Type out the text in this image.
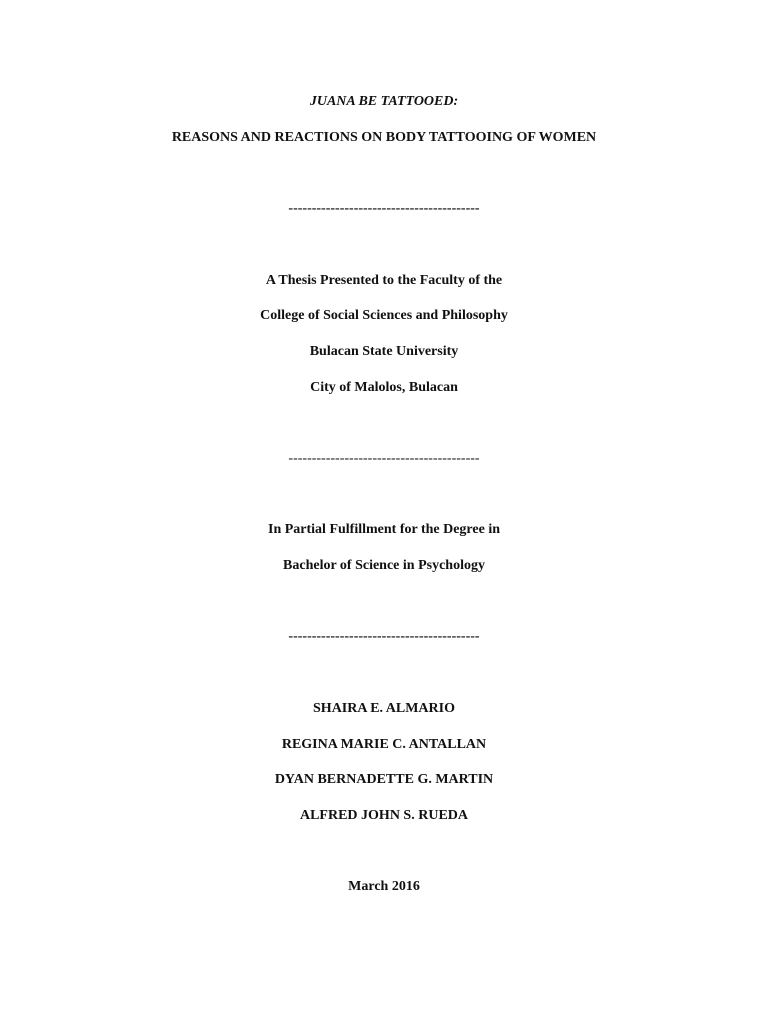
JUANA BE TATTOOED:
REASONS AND REACTIONS ON BODY TATTOOING OF WOMEN
-----------------------------------------
A Thesis Presented to the Faculty of the
College of Social Sciences and Philosophy
Bulacan State University
City of Malolos, Bulacan
-----------------------------------------
In Partial Fulfillment for the Degree in
Bachelor of Science in Psychology
-----------------------------------------
SHAIRA E. ALMARIO
REGINA MARIE C. ANTALLAN
DYAN BERNADETTE G. MARTIN
ALFRED JOHN S. RUEDA
March 2016
